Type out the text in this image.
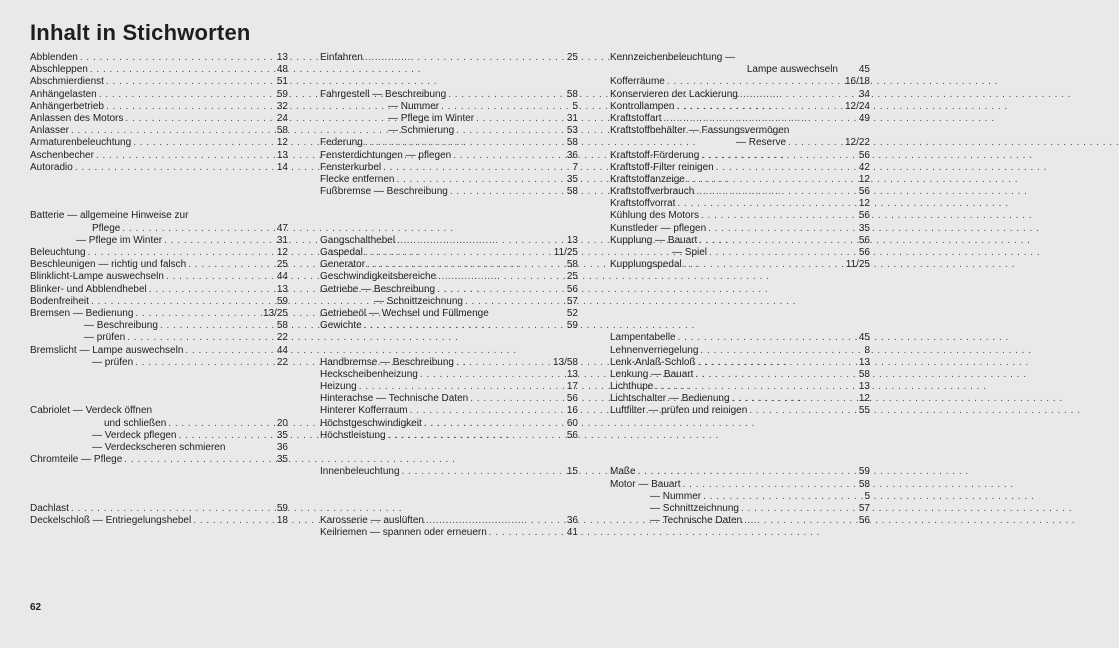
Inhalt in Stichworten
Abblenden . . .	13
Abschleppen . . .	48
Abschmierdienst . . .	51
Anhängelasten . . .	59
Anhängerbetrieb . . .	32
Anlassen des Motors . . .	24
Anlasser . . .	58
Armaturenbeleuchtung . . .	12
Aschenbecher . . .	13
Autoradio . . .	14
Batterie — allgemeine Hinweise zur
Pflege . . .	47
— Pflege im Winter . . .	31
Beleuchtung . . .	12
Beschleunigen — richtig und falsch . . .	25
Blinklicht-Lampe auswechseln . . .	44
Blinker- und Abblendhebel . . .	13
Bodenfreiheit . . .	59
Bremsen — Bedienung . . .	13/25
— Beschreibung . . .	58
— prüfen . . .	22
Bremslicht — Lampe auswechseln . . .	44
— prüfen . . .	22
Cabriolet — Verdeck öffnen
und schließen . . .	20
— Verdeck pflegen . . .	35
— Verdeckscheren schmieren	36
Chromteile — Pflege . . .	35
Dachlast . . .	59
Deckelschloß — Entriegelungshebel . . .	18
Einfahren . . .	25
Fahrgestell — Beschreibung . . .	58
— Nummer . . .	5
— Pflege im Winter . . .	31
— Schmierung . . .	53
Federung . . .	58
Fensterdichtungen — pflegen . . .	36
Fensterkurbel . . .	7
Flecke entfernen . . .	35
Fußbremse — Beschreibung . . .	58
Gangschalthebel . . .	13
Gaspedal . . .	11/25
Generator . . .	58
Geschwindigkeitsbereiche . . .	25
Getriebe — Beschreibung . . .	56
— Schnittzeichnung . . .	57
Getriebeöl — Wechsel und Füllmenge	52
Gewichte . . .	59
Handbremse — Beschreibung . . .	13/58
Heckscheibenheizung . . .	13
Heizung . . .	17
Hinterachse — Technische Daten . . .	56
Hinterer Kofferraum . . .	16
Höchstgeschwindigkeit . . .	60
Höchstleistung . . .	56
Innenbeleuchtung . . .	15
Karosserie — auslüften . . .	36
Keilriemen — spannen oder erneuern . . .	41
Kennzeichenbeleuchtung —
Lampe auswechseln	45
Kofferräume . . .	16/18
Konservieren der Lackierung . . .	34
Kontrollampen . . .	12/24
Kraftstoffart . . .	49
Kraftstoffbehälter — Fassungsvermögen
— Reserve . . .	12/22
Kraftstoff-Förderung . . .	56
Kraftstoff-Filter reinigen . . .	42
Kraftstoffanzeige . . .	12
Kraftstoffverbrauch . . .	56
Kraftstoffvorrat . . .	12
Kühlung des Motors . . .	56
Kunstleder — pflegen . . .	35
Kupplung — Bauart . . .	56
— Spiel . . .	56
Kupplungspedal . . .	11/25
Lampentabelle . . .	45
Lehnenverriegelung . . .	8
Lenk-Anlaß-Schloß . . .	13
Lenkung — Bauart . . .	58
Lichthupe . . .	13
Lichtschalter — Bedienung . . .	12
Luftfilter — prüfen und reinigen . . .	55
Maße . . .	59
Motor — Bauart . . .	58
— Nummer . . .	5
— Schnittzeichnung . . .	57
— Technische Daten . . .	56
62
